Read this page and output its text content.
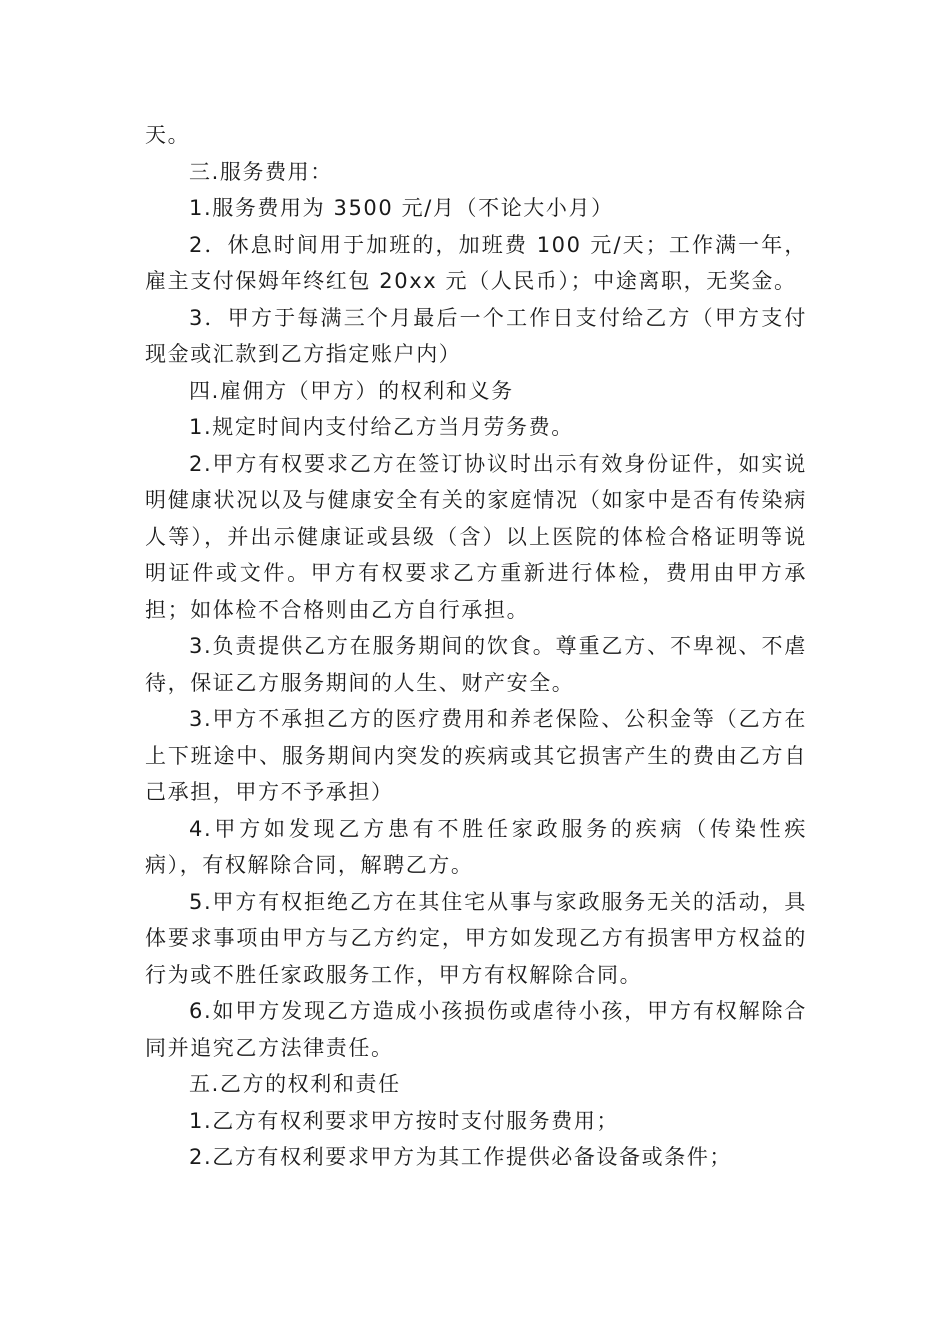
天。

三.服务费用：

1.服务费用为 3500 元/月（不论大小月）

2．休息时间用于加班的，加班费 100 元/天；工作满一年，雇主支付保姆年终红包 20xx 元（人民币）；中途离职，无奖金。

3．甲方于每满三个月最后一个工作日支付给乙方（甲方支付现金或汇款到乙方指定账户内）

四.雇佣方（甲方）的权利和义务

1.规定时间内支付给乙方当月劳务费。

2.甲方有权要求乙方在签订协议时出示有效身份证件，如实说明健康状况以及与健康安全有关的家庭情况（如家中是否有传染病人等），并出示健康证或县级（含）以上医院的体检合格证明等说明证件或文件。甲方有权要求乙方重新进行体检，费用由甲方承担；如体检不合格则由乙方自行承担。

3.负责提供乙方在服务期间的饮食。尊重乙方、不卑视、不虐待，保证乙方服务期间的人生、财产安全。

3.甲方不承担乙方的医疗费用和养老保险、公积金等（乙方在上下班途中、服务期间内突发的疾病或其它损害产生的费由乙方自己承担，甲方不予承担）

4.甲方如发现乙方患有不胜任家政服务的疾病（传染性疾病），有权解除合同，解聘乙方。

5.甲方有权拒绝乙方在其住宅从事与家政服务无关的活动，具体要求事项由甲方与乙方约定，甲方如发现乙方有损害甲方权益的行为或不胜任家政服务工作，甲方有权解除合同。

6.如甲方发现乙方造成小孩损伤或虐待小孩，甲方有权解除合同并追究乙方法律责任。

五.乙方的权利和责任

1.乙方有权利要求甲方按时支付服务费用；

2.乙方有权利要求甲方为其工作提供必备设备或条件；
